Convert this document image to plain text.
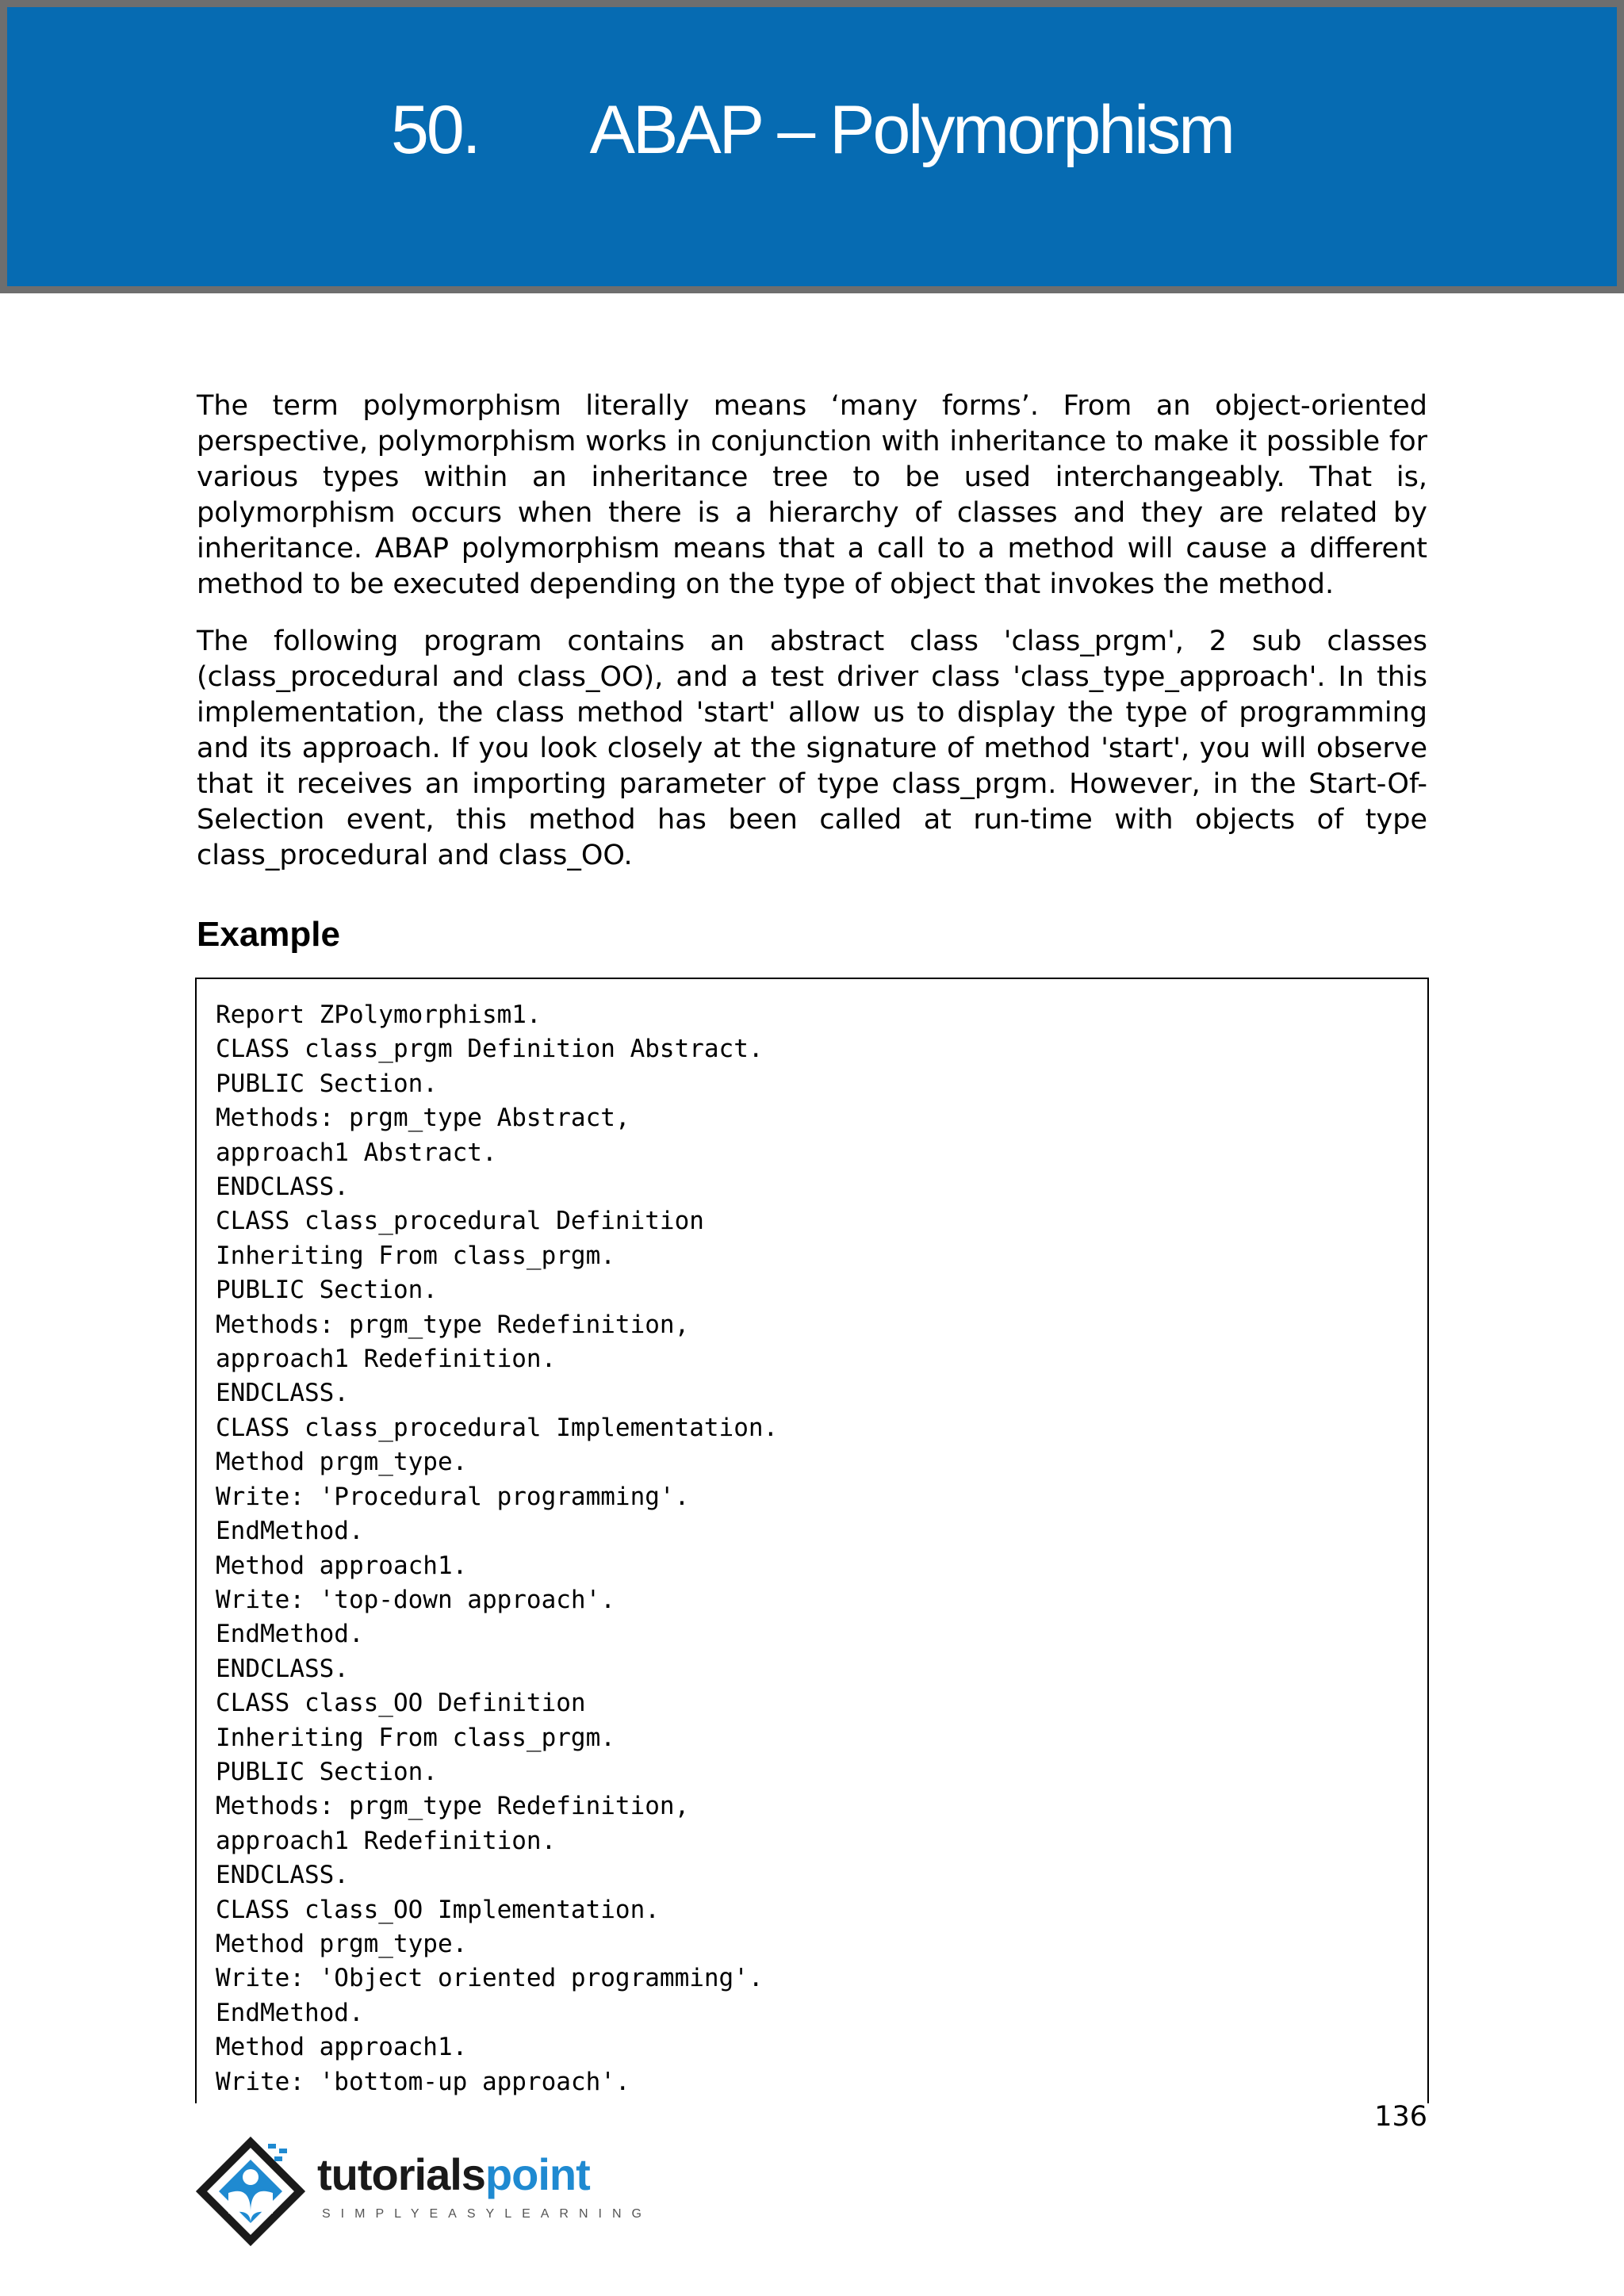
50. ABAP – Polymorphism

The term polymorphism literally means ‘many forms’. From an object-oriented perspective, polymorphism works in conjunction with inheritance to make it possible for various types within an inheritance tree to be used interchangeably. That is, polymorphism occurs when there is a hierarchy of classes and they are related by inheritance. ABAP polymorphism means that a call to a method will cause a different method to be executed depending on the type of object that invokes the method.

The following program contains an abstract class 'class_prgm', 2 sub classes (class_procedural and class_OO), and a test driver class 'class_type_approach'. In this implementation, the class method 'start' allow us to display the type of programming and its approach. If you look closely at the signature of method 'start', you will observe that it receives an importing parameter of type class_prgm. However, in the Start-Of-Selection event, this method has been called at run-time with objects of type class_procedural and class_OO.

Example
Report ZPolymorphism1.
CLASS class_prgm Definition Abstract.
PUBLIC Section.
Methods: prgm_type Abstract,
approach1 Abstract.
ENDCLASS.
CLASS class_procedural Definition
Inheriting From class_prgm.
PUBLIC Section.
Methods: prgm_type Redefinition,
approach1 Redefinition.
ENDCLASS.
CLASS class_procedural Implementation.
Method prgm_type.
Write: 'Procedural programming'.
EndMethod.
Method approach1.
Write: 'top-down approach'.
EndMethod.
ENDCLASS.
CLASS class_OO Definition
Inheriting From class_prgm.
PUBLIC Section.
Methods: prgm_type Redefinition,
approach1 Redefinition.
ENDCLASS.
CLASS class_OO Implementation.
Method prgm_type.
Write: 'Object oriented programming'.
EndMethod.
Method approach1.
Write: 'bottom-up approach'.
136
tutorialspoint
SIMPLYEASYLEARNING
